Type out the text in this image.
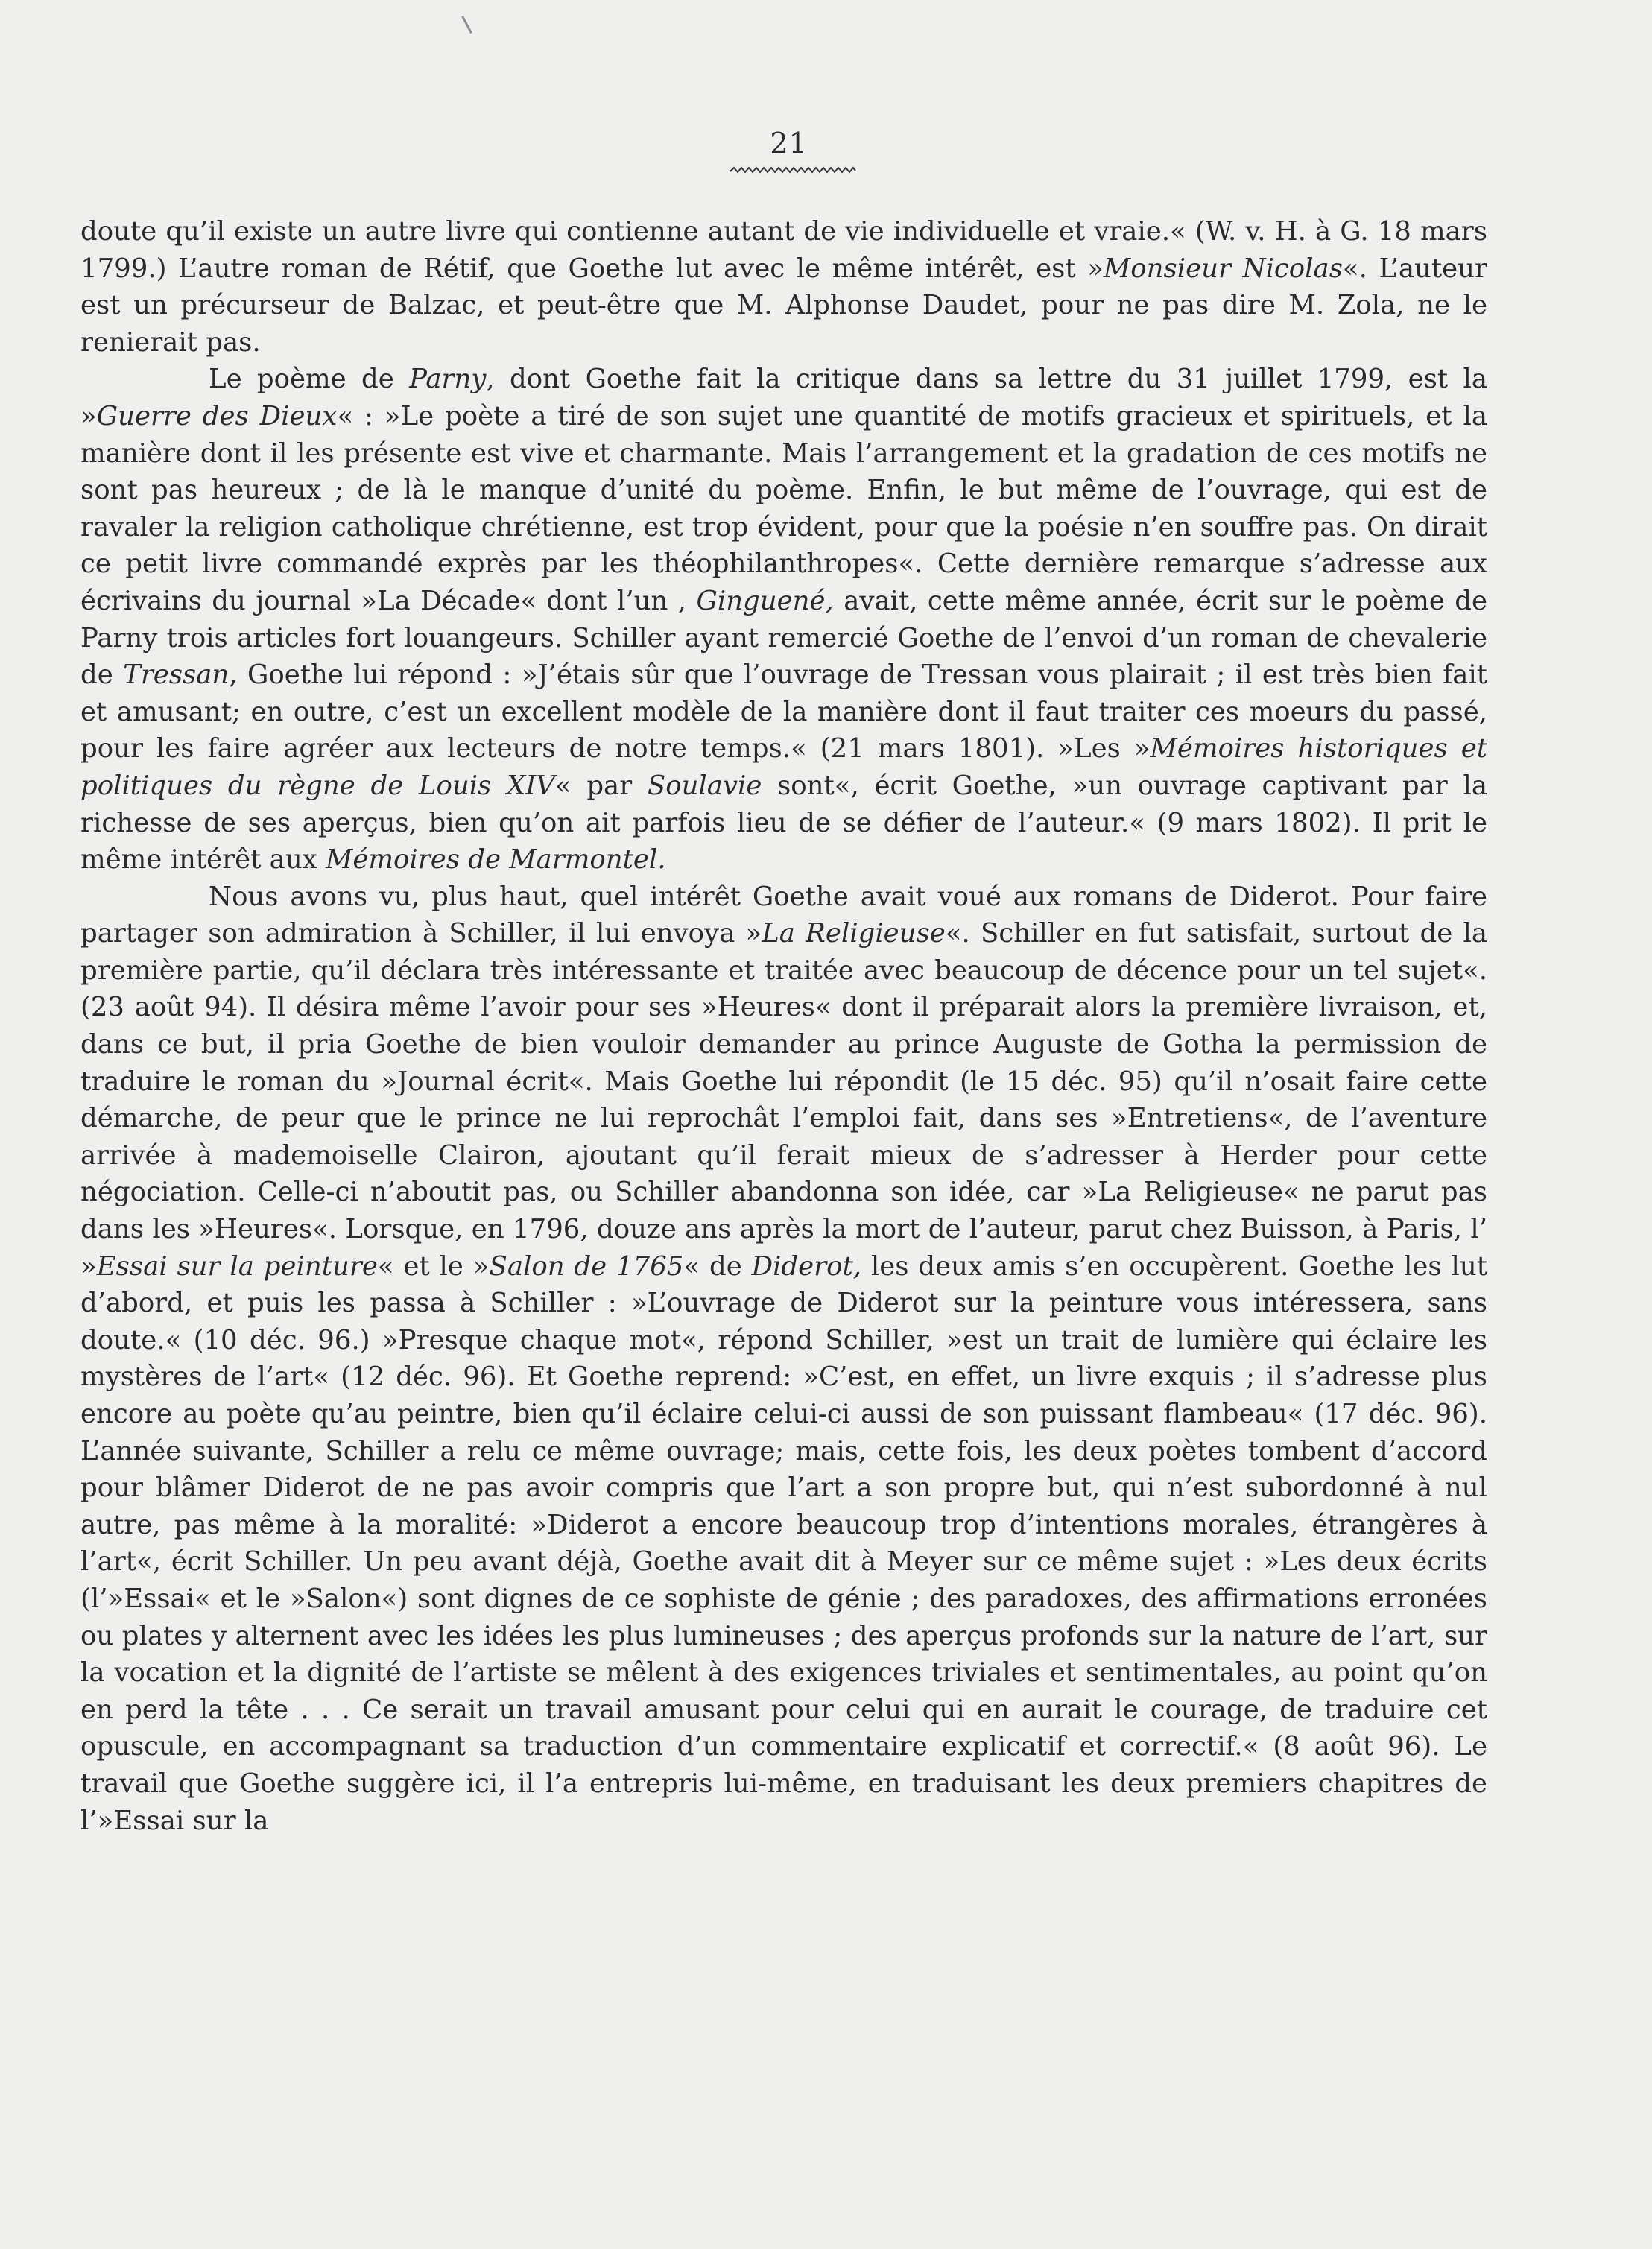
21

doute qu’il existe un autre livre qui contienne autant de vie individuelle et vraie.« (W. v. H. à G. 18 mars 1799.) L’autre roman de Rétif, que Goethe lut avec le même intérêt, est »Monsieur Nicolas«. L’auteur est un précurseur de Balzac, et peut-être que M. Alphonse Daudet, pour ne pas dire M. Zola, ne le renierait pas.

Le poème de Parny, dont Goethe fait la critique dans sa lettre du 31 juillet 1799, est la »Guerre des Dieux« : »Le poète a tiré de son sujet une quantité de motifs gracieux et spirituels, et la manière dont il les présente est vive et charmante. Mais l’arrangement et la gradation de ces motifs ne sont pas heureux ; de là le manque d’unité du poème. Enfin, le but même de l’ouvrage, qui est de ravaler la religion catholique chrétienne, est trop évident, pour que la poésie n’en souffre pas. On dirait ce petit livre commandé exprès par les théophilanthropes«. Cette dernière remarque s’adresse aux écrivains du journal »La Décade« dont l’un , Ginguené, avait, cette même année, écrit sur le poème de Parny trois articles fort louangeurs. Schiller ayant remercié Goethe de l’envoi d’un roman de chevalerie de Tressan, Goethe lui répond : »J’étais sûr que l’ouvrage de Tressan vous plairait ; il est très bien fait et amusant; en outre, c’est un excellent modèle de la manière dont il faut traiter ces moeurs du passé, pour les faire agréer aux lecteurs de notre temps.« (21 mars 1801). »Les »Mémoires historiques et politiques du règne de Louis XIV« par Soulavie sont«, écrit Goethe, »un ouvrage captivant par la richesse de ses aperçus, bien qu’on ait parfois lieu de se défier de l’auteur.« (9 mars 1802). Il prit le même intérêt aux Mémoires de Marmontel.

Nous avons vu, plus haut, quel intérêt Goethe avait voué aux romans de Diderot. Pour faire partager son admiration à Schiller, il lui envoya »La Religieuse«. Schiller en fut satisfait, surtout de la première partie, qu’il déclara très intéressante et traitée avec beaucoup de décence pour un tel sujet«. (23 août 94). Il désira même l’avoir pour ses »Heures« dont il préparait alors la première livraison, et, dans ce but, il pria Goethe de bien vouloir demander au prince Auguste de Gotha la permission de traduire le roman du »Journal écrit«. Mais Goethe lui répondit (le 15 déc. 95) qu’il n’osait faire cette démarche, de peur que le prince ne lui reprochât l’emploi fait, dans ses »Entretiens«, de l’aventure arrivée à mademoiselle Clairon, ajoutant qu’il ferait mieux de s’adresser à Herder pour cette négociation. Celle-ci n’aboutit pas, ou Schiller abandonna son idée, car »La Religieuse« ne parut pas dans les »Heures«. Lorsque, en 1796, douze ans après la mort de l’auteur, parut chez Buisson, à Paris, l’ »Essai sur la peinture« et le »Salon de 1765« de Diderot, les deux amis s’en occupèrent. Goethe les lut d’abord, et puis les passa à Schiller : »L’ouvrage de Diderot sur la peinture vous intéressera, sans doute.« (10 déc. 96.) »Presque chaque mot«, répond Schiller, »est un trait de lumière qui éclaire les mystères de l’art« (12 déc. 96). Et Goethe reprend: »C’est, en effet, un livre exquis ; il s’adresse plus encore au poète qu’au peintre, bien qu’il éclaire celui-ci aussi de son puissant flambeau« (17 déc. 96). L’année suivante, Schiller a relu ce même ouvrage; mais, cette fois, les deux poètes tombent d’accord pour blâmer Diderot de ne pas avoir compris que l’art a son propre but, qui n’est subordonné à nul autre, pas même à la moralité: »Diderot a encore beaucoup trop d’intentions morales, étrangères à l’art«, écrit Schiller. Un peu avant déjà, Goethe avait dit à Meyer sur ce même sujet : »Les deux écrits (l’»Essai« et le »Salon«) sont dignes de ce sophiste de génie ; des paradoxes, des affirmations erronées ou plates y alternent avec les idées les plus lumineuses ; des aperçus profonds sur la nature de l’art, sur la vocation et la dignité de l’artiste se mêlent à des exigences triviales et sentimentales, au point qu’on en perd la tête . . . Ce serait un travail amusant pour celui qui en aurait le courage, de traduire cet opuscule, en accompagnant sa traduction d’un commentaire explicatif et correctif.« (8 août 96). Le travail que Goethe suggère ici, il l’a entrepris lui-même, en traduisant les deux premiers chapitres de l’»Essai sur la
